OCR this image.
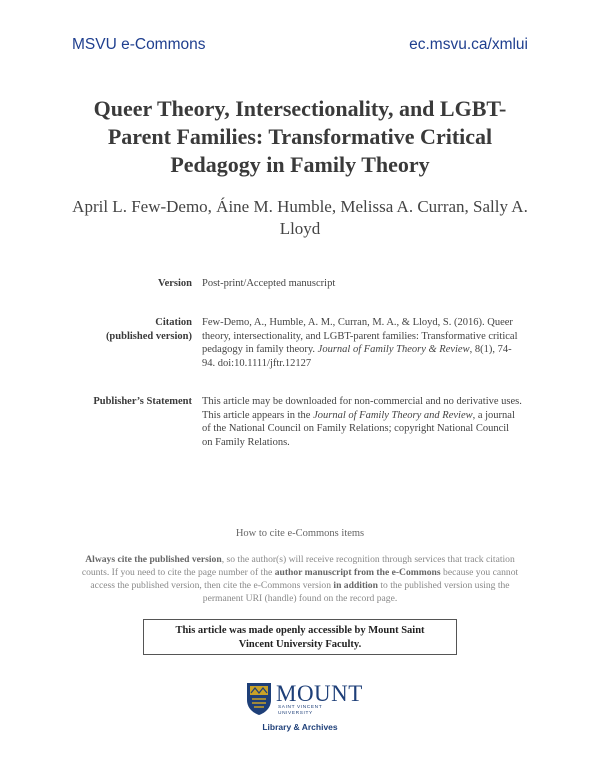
MSVU e-Commons	ec.msvu.ca/xmlui
Queer Theory, Intersectionality, and LGBT-
Parent Families: Transformative Critical
Pedagogy in Family Theory
April L. Few-Demo, Áine M. Humble, Melissa A. Curran, Sally A.
Lloyd
Version Post-print/Accepted manuscript
Citation
(published version)
Few-Demo, A., Humble, A. M., Curran, M. A., & Lloyd, S. (2016). Queer theory, intersectionality, and LGBT-parent families: Transformative critical pedagogy in family theory. Journal of Family Theory & Review, 8(1), 74-94. doi:10.1111/jftr.12127
Publisher’s Statement This article may be downloaded for non-commercial and no derivative uses. This article appears in the Journal of Family Theory and Review, a journal of the National Council on Family Relations; copyright National Council on Family Relations.
How to cite e-Commons items
Always cite the published version, so the author(s) will receive recognition through services that track citation counts. If you need to cite the page number of the author manuscript from the e-Commons because you cannot access the published version, then cite the e-Commons version in addition to the published version using the permanent URI (handle) found on the record page.
This article was made openly accessible by Mount Saint
Vincent University Faculty.
MOUNT
SAINT VINCENT
UNIVERSITY
Library & Archives
